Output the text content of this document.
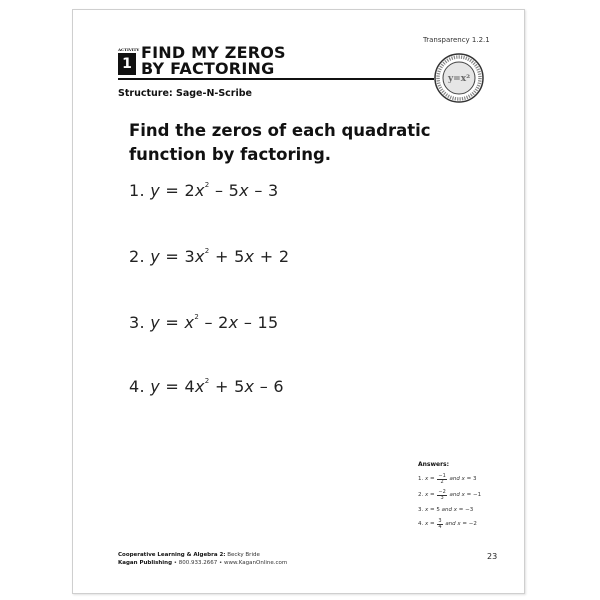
Transparency 1.2.1
ACTIVITY
1
FIND MY ZEROS
BY FACTORING
y=x²
Structure: Sage-N-Scribe
Find the zeros of each quadratic function by factoring.
1. $y = 2x^2 - 5x - 3$
2. $y = 3x^2 + 5x + 2$
3. $y = x^2 - 2x - 15$
4. $y = 4x^2 + 5x - 6$
Answers:
1.
$x = \frac{-1}{2}$
and
x = 3
2.
$x = \frac{-2}{3}$
and
x = −1
3.
x = 5
and
x = −3
4.
$x = \frac{3}{4}$
and
x = −2
Cooperative Learning & Algebra 2: Becky Bride
Kagan Publishing • 800.933.2667 • www.KaganOnline.com
23
